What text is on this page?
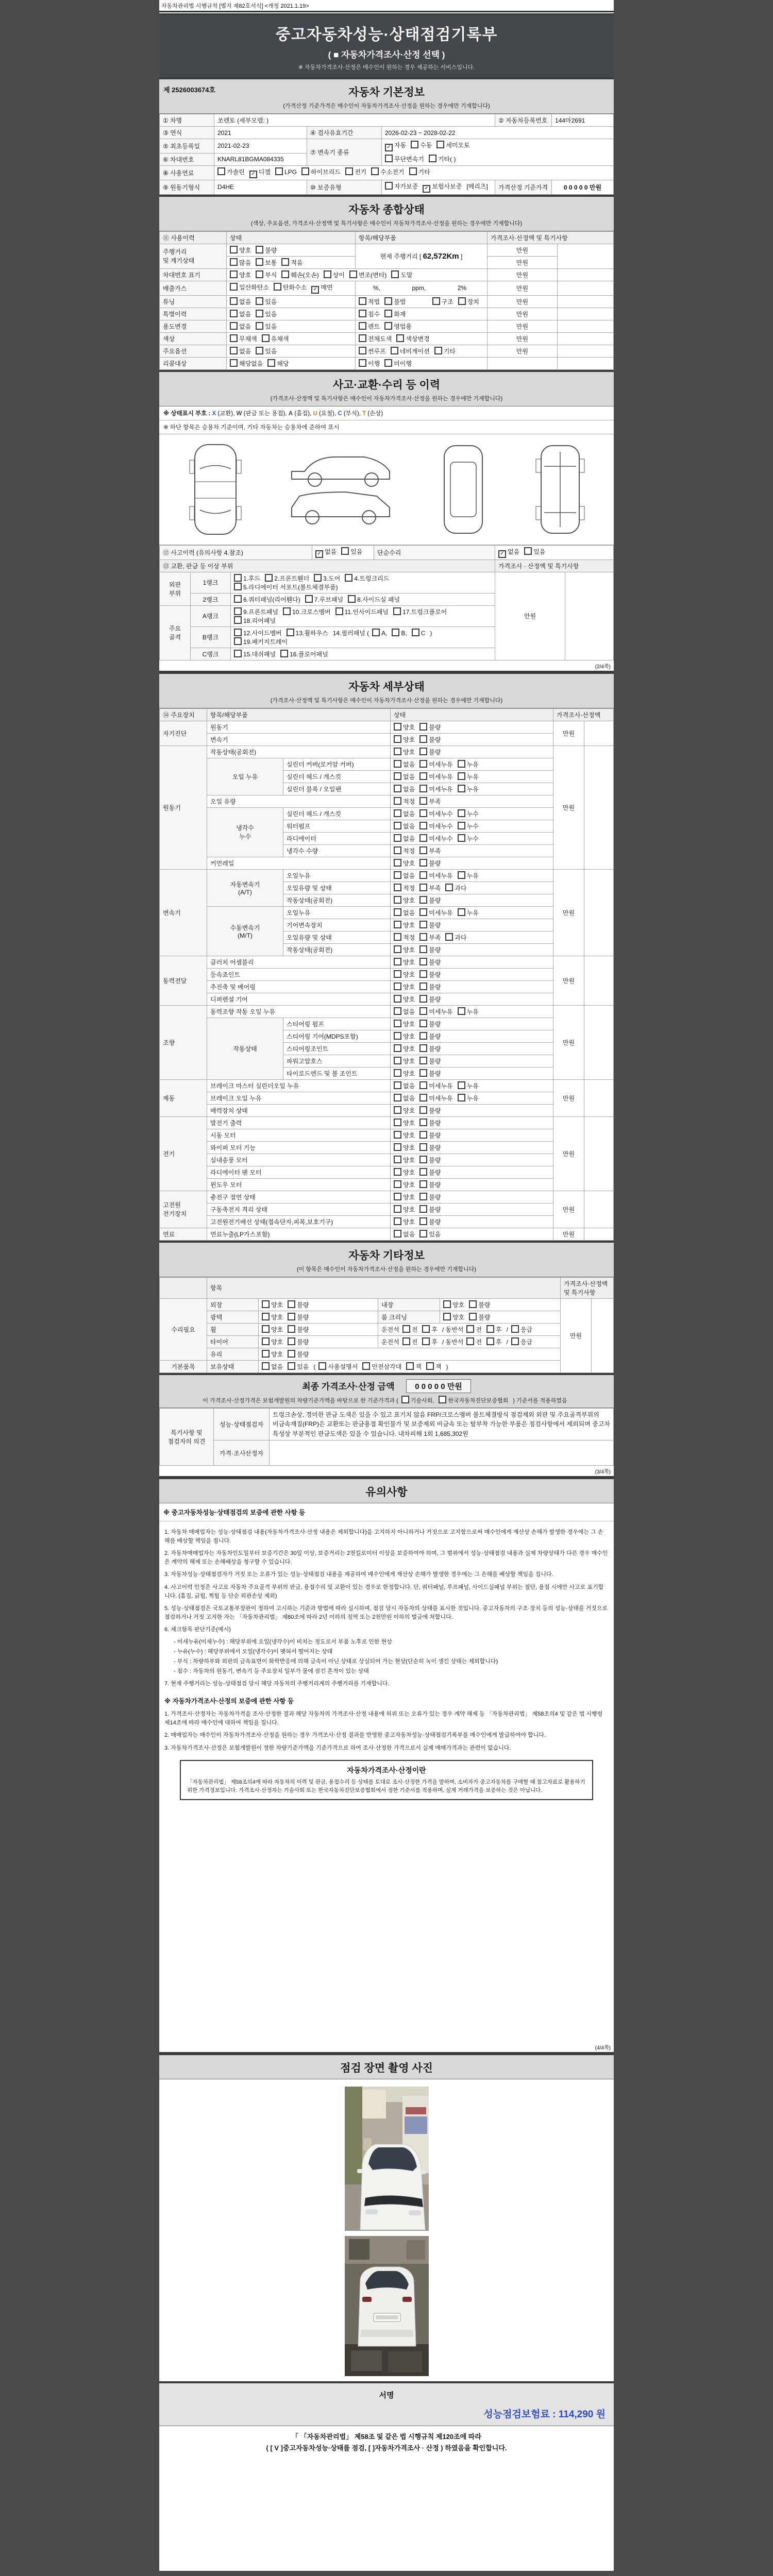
자동차관리법 시행규칙 [별지 제82호서식] <개정 2021.1.19>
중고자동차성능·상태점검기록부
( ■ 자동차가격조사·산정 선택 )
※ 자동차가격조사·산정은 매수인이 원하는 경우 제공하는 서비스입니다.
제 2526003674호	자동차 기본정보
(가격산정 기준가격은 매수인이 자동차가격조사·산정을 원하는 경우에만 기재합니다)
① 차명	쏘렌토 (세부모델: )			② 자동차등록번호	144마2691
③ 연식	2021	④ 검사유효기간	2026-02-23 ~ 2028-02-22		
⑤ 최초등록일	2021-02-23	⑦ 변속기 종류	✓ 자동 수동 세미오토		
⑥ 차대번호	KNARL81BGMA084335		무단변속기 기타( )		
⑧ 사용연료	가솔린 ✓ 디젤 LPG 하이브리드 전기 수소전기 기타				
⑨ 원동기형식	D4HE	⑩ 보증유형	자가보증 ✓ 보험사보증 [메리츠]	가격산정 기준가격	0 0 0 0 0 만원
자동차 종합상태
(색상, 주요옵션, 가격조사·산정액 및 특기사항은 매수인이 자동차가격조사·산정을 원하는 경우에만 기재합니다)
⑪ 사용이력	상태	항목/해당부품	가격조사·산정액 및 특기사항	
주행거리
및 계기상태	양호 불량	현재 주행거리 [ 62,572Km ]	만원	
	많음 보통 적음		만원	
차대번호 표기	양호 부식 훼손(오손) 상이 변조(변타) 도말		만원	
배출가스	일산화탄소 탄화수소 ✓ 매연	%, ppm, 2%	만원	
튜닝	없음 있음	적법 불법 구조 장치	만원	
특별이력	없음 있음	침수 화재	만원	
용도변경	없음 있음	렌트 영업용	만원	
색상	무채색 유채색	전체도색 색상변경	만원	
주요옵션	없음 있음	썬루프 네비게이션 기타	만원	
리콜대상	해당없음 해당	이행 미이행		
사고·교환·수리 등 이력
(가격조사·산정액 및 특기사항은 매수인이 자동차가격조사·산정을 원하는 경우에만 기재합니다)
※ 상태표시 부호 : X (교환), W (판금 또는 용접), A (흠집), U (요철), C (부식), T (손상)
※ 하단 항목은 승용차 기준이며, 기타 자동차는 승용차에 준하여 표시
⑫ 사고이력 (유의사항 4.참조)			✓ 없음 있음	단순수리	✓ 없음 있음	
⑬ 교환, 판금 등 이상 부위					가격조사 · 산정액 및 특기사항	
외판
부위	1랭크	1.후드 2.프론트휀더 3.도어 4.트렁크리드5.라디에이터 서포트(볼트체결부품)			만원	
	2랭크	6.쿼터패널(리어휀다) 7.루브패널 8.사이드실 패널				
주요
골격	A랭크	9.프론트패널 10.크로스멤버 11.인사이드패널 17.트렁크플로어18.리어패널				
	B랭크	12.사이드멤버 13.휠하우스 14.필러패널 ( A, B, C )19.패키지트레이				
	C랭크	15.대쉬패널 16.플로어패널				
(2/4쪽)
자동차 세부상태
(가격조사·산정액 및 특기사항은 매수인이 자동차가격조사·산정을 원하는 경우에만 기재합니다)
⑭ 주요장치	항목/해당부품		상태	가격조사·산정액	
자기진단	원동기		양호 불량	만원	
	변속기		양호 불량		
원동기	작동상태(공회전)		양호 불량	만원	
	오일 누유	실린더 커버(로커암 커버)	없음 미세누유 누유		
		실린더 헤드 / 개스킷	없음 미세누유 누유		
		실린더 블록 / 오일팬	없음 미세누유 누유		
	오일 유량		적정 부족		
	냉각수
누수	실린더 헤드 / 개스킷	없음 미세누수 누수		
		워터펌프	없음 미세누수 누수		
		라디에이터	없음 미세누수 누수		
		냉각수 수량	적정 부족		
	커먼레일		양호 불량		
변속기	자동변속기
(A/T)	오일누유	없음 미세누유 누유	만원	
		오일유량 및 상태	적정 부족 과다		
		작동상태(공회전)	양호 불량		
	수동변속기
(M/T)	오일누유	없음 미세누유 누유		
		기어변속장치	양호 불량		
		오일유량 및 상태	적정 부족 과다		
		작동상태(공회전)	양호 불량		
동력전달	클러치 어셈블리		양호 불량	만원	
	등속죠인트		양호 불량		
	추진축 및 베어링		양호 불량		
	디퍼렌셜 기어		양호 불량		
조향	동력조향 작동 오일 누유		없음 미세누유 누유	만원	
	작동상태	스티어링 펌프	양호 불량		
		스티어링 기어(MDPS포함)	양호 불량		
		스티어링조인트	양호 불량		
		파워고압호스	양호 불량		
		타이로드엔드 및 볼 조인트	양호 불량		
제동	브레이크 마스터 실린더오일 누유		없음 미세누유 누유	만원	
	브레이크 오일 누유		없음 미세누유 누유		
	배력장치 상태		양호 불량		
전기	발전기 출력		양호 불량	만원	
	시동 모터		양호 불량		
	와이퍼 모터 기능		양호 불량		
	실내송풍 모터		양호 불량		
	라디에이터 팬 모터		양호 불량		
	윈도우 모터		양호 불량		
고전원
전기장치	충전구 절연 상태		양호 불량	만원	
	구동축전지 격리 상태		양호 불량		
	고전원전기배선 상태(접속단자,피복,보호기구)		양호 불량		
연료	연료누출(LP가스포함)		없음 있음	만원	
자동차 기타정보
(이 항목은 매수인이 자동차가격조사·산정을 원하는 경우에만 기재합니다)
	항목				가격조사·산정액 및 특기사항	
수리필요	외장	양호 불량	내장	양호 불량	만원	
	광택	양호 불량	룸 크리닝	양호 불량		
	휠	양호 불량	운전석 전 후 / 동반석 전 후 / 응급			
	타이어	양호 불량	운전석 전 후 / 동반석 전 후 / 응급			
	유리	양호 불량				
기본품목	보유상태	없음 있음 ( 사용설명서 안전삼각대 잭 잭 )				
최종 가격조사·산정 금액	0 0 0 0 0 만원
이 가격조사·산정가격은 보험개발원의 차량기준가액을 바탕으로 한 기준가격과 ( 기술사회, 한국자동차진단보증협회 ) 기준서를 적용하였음
특기사항 및
점검자의 의견	성능·상태점검자	트렁크손상, 경미한 판금 도색은 있을 수 있고 표기치 않음 FRP/크로스멤버 볼트체결방식 점검제외 외판 및 주요골격부위의 비금속재질(FRP)은 교환또는 판금용접 확인불가 및 보증제외 비금속 또는 탈부착 가능한 부품은 점검사항에서 제외되며 중고차 특성상 부분적인 판금도색은 있을 수 있습니다. 내차피해 1회 1,685,302원
	가격·조사산정자	
(3/4쪽)
유의사항
※ 중고자동차성능·상태점검의 보증에 관한 사항 등
1. 자동차 매매업자는 성능·상태점검 내용(자동차가격조사·산정 내용은 제외합니다)을 고지하지 아니하거나 거짓으로 고지함으로써 매수인에게 재산상 손해가 발생한 경우에는 그 손해를 배상할 책임을 집니다.
2. 자동차매매업자는 자동차인도일부터 보증기간은 30일 이상, 보증거리는 2천킬로미터 이상을 보증하여야 하며, 그 범위에서 성능·상태점검 내용과 실제 차량상태가 다른 경우 매수인은 계약의 해제 또는 손해배상을 청구할 수 있습니다.
3. 자동차성능·상태점검자가 거짓 또는 오류가 있는 성능·상태점검 내용을 제공하여 매수인에게 재산상 손해가 발생한 경우에는 그 손해를 배상할 책임을 집니다.
4. 사고이력 인정은 사고로 자동차 주요골격 부위의 판금, 용접수리 및 교환이 있는 경우로 한정합니다. 단, 쿼터패널, 루프패널, 사이드실패널 부위는 절단, 용접 시에만 사고로 표기합니다. (흠집, 긁힘, 찍힘 등 단순 외관손상 제외)
5. 성능·상태점검은 국토교통부장관이 정하여 고시하는 기준과 방법에 따라 실시하며, 점검 당시 자동차의 상태를 표시한 것입니다. 중고자동차의 구조·장치 등의 성능·상태를 거짓으로 점검하거나 거짓 고지한 자는 「자동차관리법」 제80조에 따라 2년 이하의 징역 또는 2천만원 이하의 벌금에 처합니다.
6. 체크항목 판단기준(예시)
- 미세누유(미세누수) : 해당부위에 오일(냉각수)이 비치는 정도로서 부품 노후로 인한 현상
- 누유(누수) : 해당부위에서 오일(냉각수)이 맺혀서 떨어지는 상태
- 부식 : 차량하부와 외판의 금속표면이 화학반응에 의해 금속이 아닌 상태로 상실되어 가는 현상(단순히 녹이 생긴 상태는 제외합니다)
- 침수 : 자동차의 원동기, 변속기 등 주요장치 일부가 물에 잠긴 흔적이 있는 상태
7. 현재 주행거리는 성능·상태점검 당시 해당 자동차의 주행거리계의 주행거리를 기재합니다.
※ 자동차가격조사·산정의 보증에 관한 사항 등
1. 가격조사·산정자는 자동차가격을 조사·산정한 결과 해당 자동차의 가격조사·산정 내용에 허위 또는 오류가 있는 경우 계약 해제 등 「자동차관리법」 제58조의4 및 같은 법 시행령 제14조에 따라 매수인에 대하여 책임을 집니다.
2. 매매업자는 매수인이 자동차가격조사·산정을 원하는 경우 가격조사·산정 결과를 반영한 중고자동차성능·상태점검기록부를 매수인에게 발급하여야 합니다.
3. 자동차가격조사·산정은 보험개발원이 정한 차량기준가액을 기준가격으로 하여 조사·산정한 가격으로서 실제 매매가격과는 관련이 없습니다.
자동차가격조사·산정이란
「자동차관리법」 제58조의4에 따라 자동차의 이력 및 판금, 용접수리 등 상태를 토대로 조사·산정한 가격을 말하며, 소비자가 중고자동차를 구매할 때 참고자료로 활용하기 위한 가격정보입니다. 가격조사·산정자는 기술사회 또는 한국자동차진단보증협회에서 정한 기준서를 적용하며, 실제 거래가격을 보증하는 것은 아닙니다.
(4/4쪽)
점검 장면 촬영 사진
서명
성능점검보험료 : 114,290 원
「 「자동차관리법」 제58조 및 같은 법 시행규칙 제120조에 따라
( [ V ]중고자동차성능·상태를 점검, [ ]자동차가격조사 · 산정 ) 하였음을 확인합니다.
